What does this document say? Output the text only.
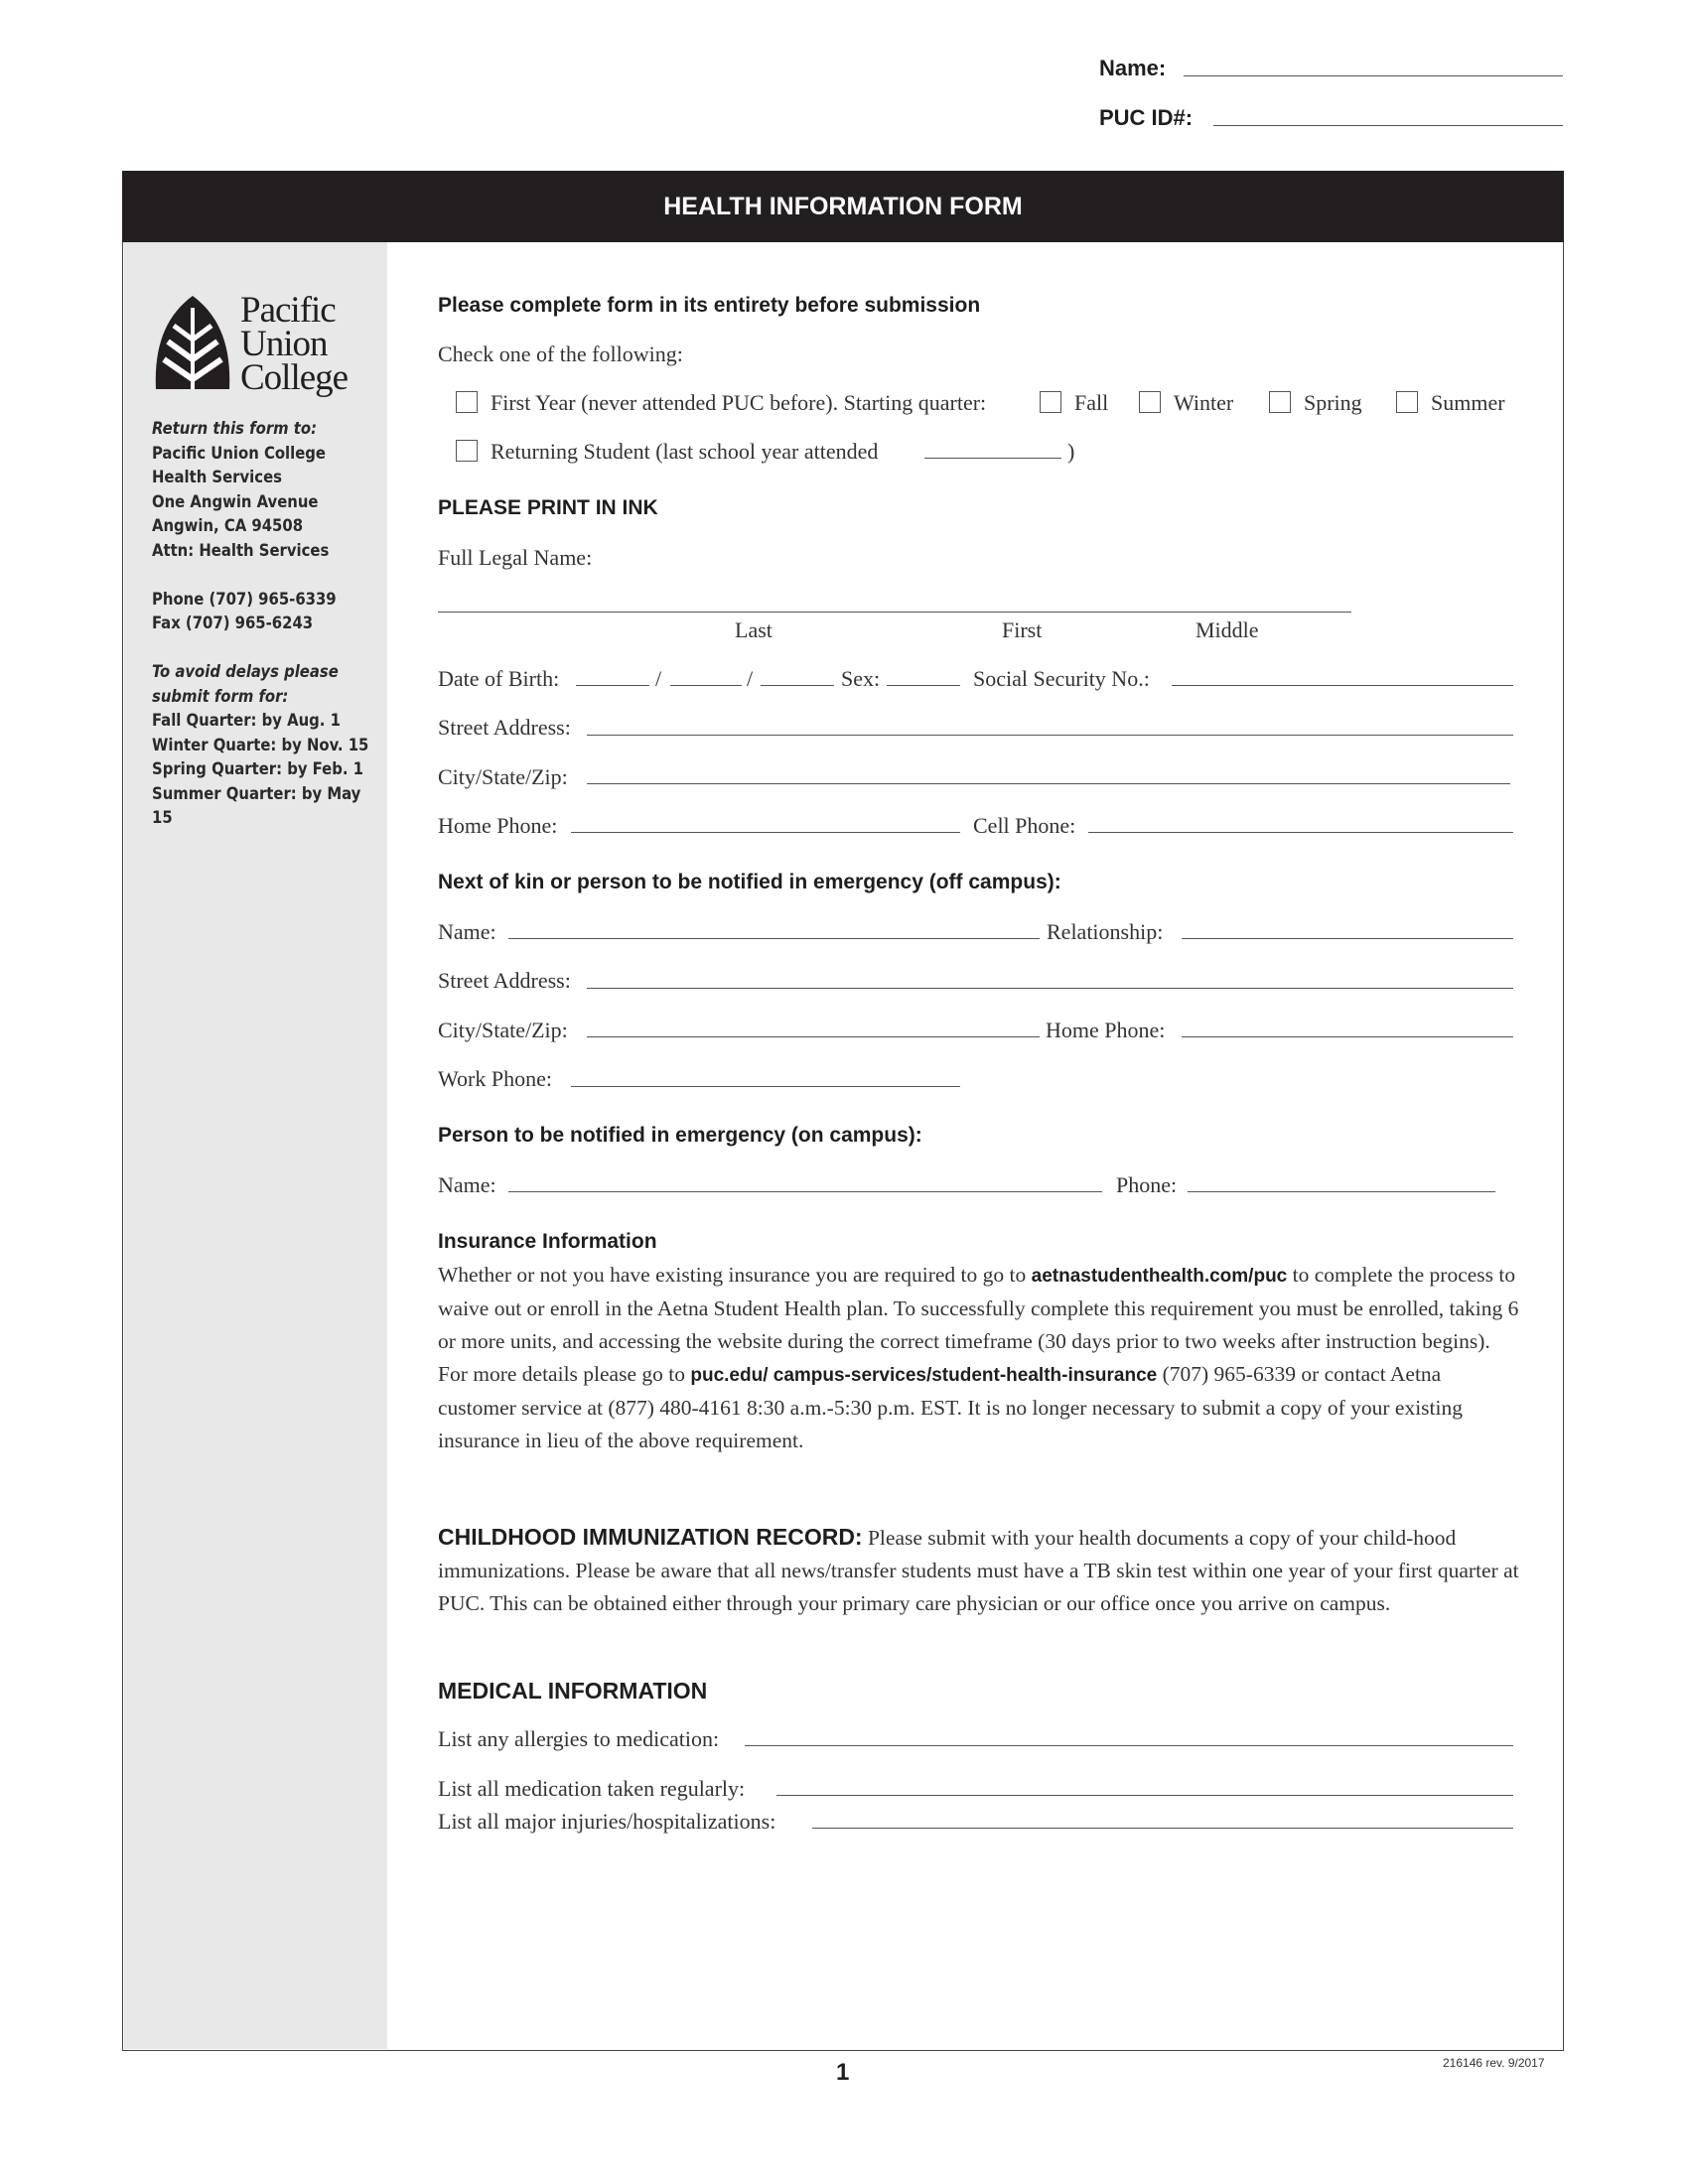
Name:
PUC ID#:
HEALTH INFORMATION FORM
Pacific
Union
College
Return this form to:
Pacific Union College
Health Services
One Angwin Avenue
Angwin, CA 94508
Attn: Health Services
Phone (707) 965-6339
Fax (707) 965-6243
To avoid delays please
submit form for:
Fall Quarter: by Aug. 1
Winter Quarte: by Nov. 15
Spring Quarter: by Feb. 1
Summer Quarter: by May 15
Please complete form in its entirety before submission
Check one of the following:
First Year (never attended PUC before). Starting quarter:	Fall	Winter	Spring	Summer
Returning Student (last school year attended	)
PLEASE PRINT IN INK
Full Legal Name:
Last	First	Middle
Date of Birth:	/	/	Sex:	Social Security No.:
Street Address:
City/State/Zip:
Home Phone:	Cell Phone:
Next of kin or person to be notified in emergency (off campus):
Name:	Relationship:
Street Address:
City/State/Zip:	Home Phone:
Work Phone:
Person to be notified in emergency (on campus):
Name:	Phone:
Insurance Information
Whether or not you have existing insurance you are required to go to aetnastudenthealth.com/puc to complete the process to waive out or enroll in the Aetna Student Health plan. To successfully complete this requirement you must be enrolled, taking 6 or more units, and accessing the website during the correct timeframe (30 days prior to two weeks after instruction begins). For more details please go to puc.edu/ campus-services/student-health-insurance (707) 965-6339 or contact Aetna customer service at (877) 480-4161 8:30 a.m.-5:30 p.m. EST. It is no longer necessary to submit a copy of your existing insurance in lieu of the above requirement.
CHILDHOOD IMMUNIZATION RECORD: Please submit with your health documents a copy of your child-hood immunizations. Please be aware that all news/transfer students must have a TB skin test within one year of your first quarter at PUC. This can be obtained either through your primary care physician or our office once you arrive on campus.
MEDICAL INFORMATION
List any allergies to medication:
List all medication taken regularly:
List all major injuries/hospitalizations:
1	216146 rev. 9/2017
